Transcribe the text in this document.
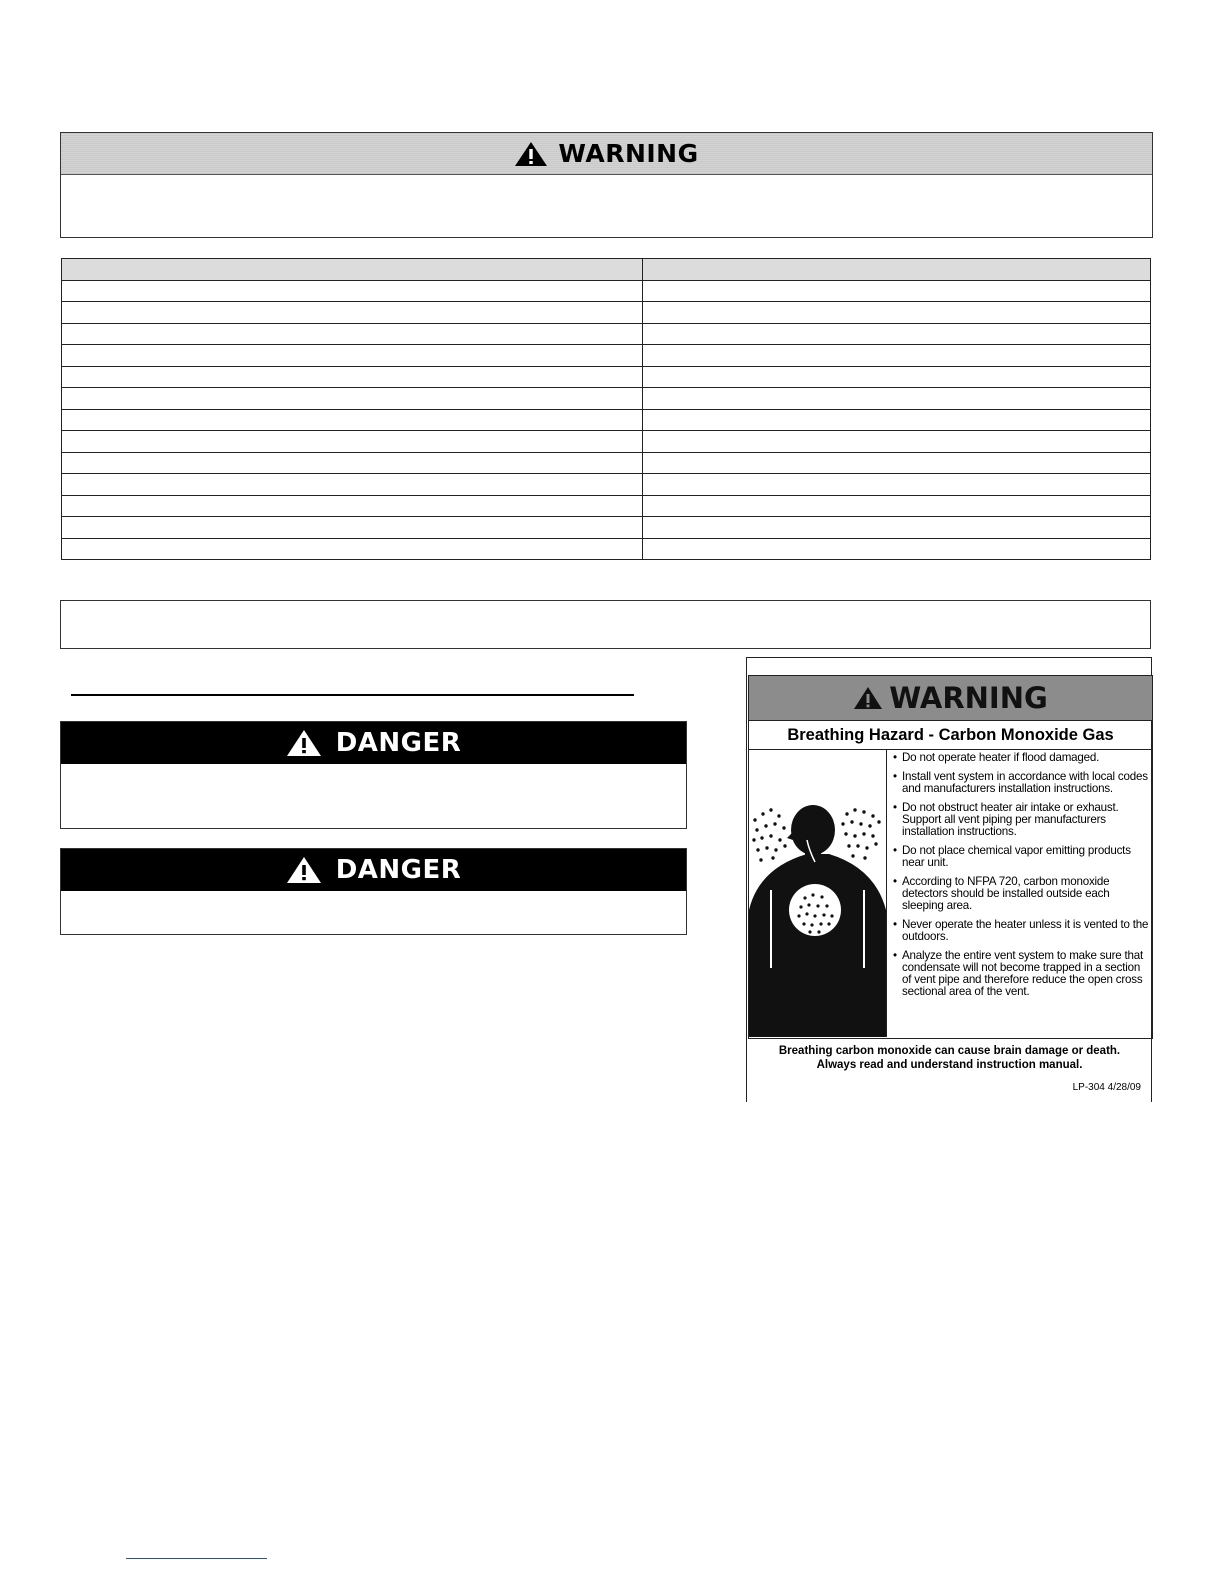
WARNING

DANGER
DANGER
WARNING
Breathing Hazard - Carbon Monoxide Gas
• Do not operate heater if flood damaged.
• Install vent system in accordance with local codes and manufacturers installation instructions.
• Do not obstruct heater air intake or exhaust. Support all vent piping per manufacturers installation instructions.
• Do not place chemical vapor emitting products near unit.
• According to NFPA 720, carbon monoxide detectors should be installed outside each sleeping area.
• Never operate the heater unless it is vented to the outdoors.
• Analyze the entire vent system to make sure that condensate will not become trapped in a section of vent pipe and therefore reduce the open cross sectional area of the vent.
Breathing carbon monoxide can cause brain damage or death.
Always read and understand instruction manual.
LP-304 4/28/09
